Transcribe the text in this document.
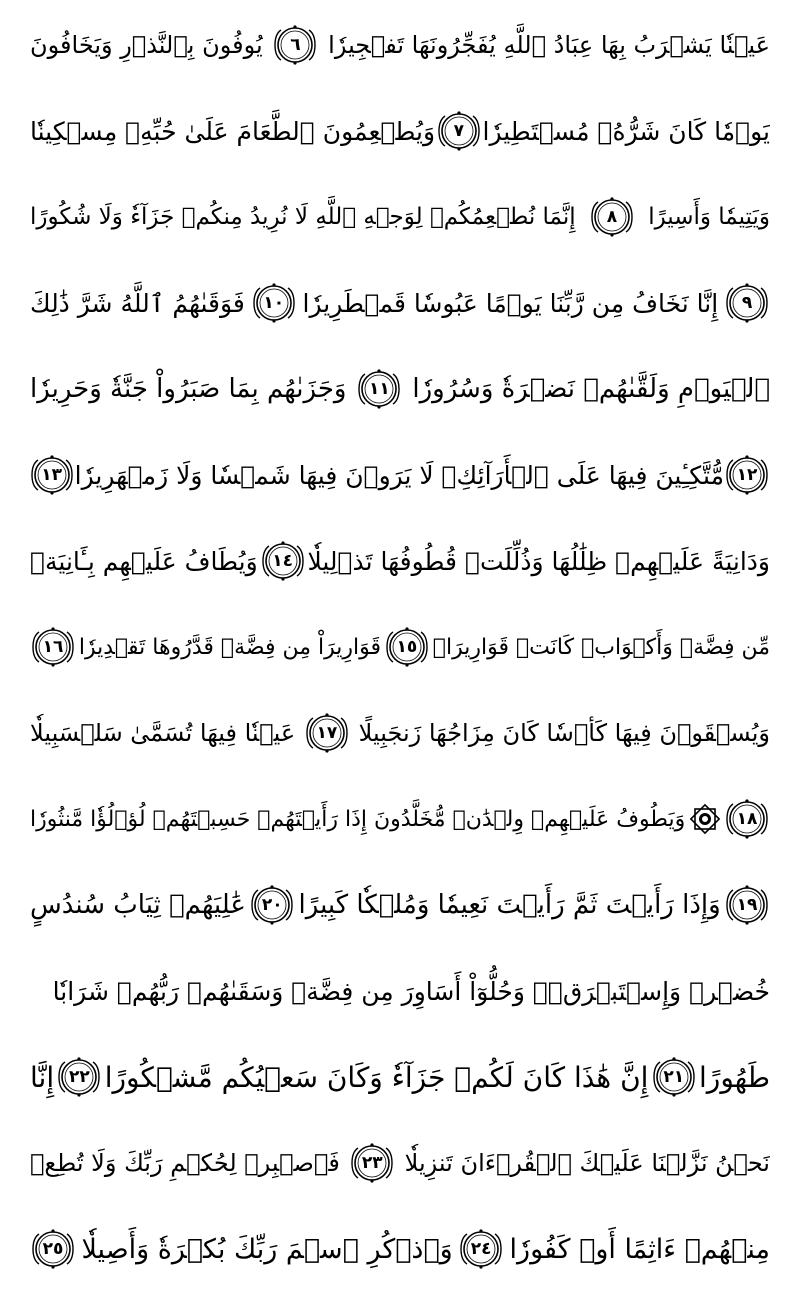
عَيۡنٗا يَشۡرَبُ بِهَا عِبَادُ ٱللَّهِ يُفَجِّرُونَهَا تَفۡجِيرٗا
٦
يُوفُونَ بِٱلنَّذۡرِ وَيَخَافُونَ
يَوۡمٗا كَانَ شَرُّهُۥ مُسۡتَطِيرٗا
٧
وَيُطۡعِمُونَ ٱلطَّعَامَ عَلَىٰ حُبِّهِۦ مِسۡكِينٗا
وَيَتِيمٗا وَأَسِيرًا
٨
إِنَّمَا نُطۡعِمُكُمۡ لِوَجۡهِ ٱللَّهِ لَا نُرِيدُ مِنكُمۡ جَزَآءٗ وَلَا شُكُورًا
٩
إِنَّا نَخَافُ مِن رَّبِّنَا يَوۡمًا عَبُوسٗا قَمۡطَرِيرٗا
١٠
فَوَقَىٰهُمُ ٱللَّهُ شَرَّ ذَٰلِكَ
ٱلۡيَوۡمِ وَلَقَّىٰهُمۡ نَضۡرَةٗ وَسُرُورٗا
١١
وَجَزَىٰهُم بِمَا صَبَرُواْ جَنَّةٗ وَحَرِيرٗا
١٢
مُّتَّكِـِٔينَ فِيهَا عَلَى ٱلۡأَرَآئِكِۖ لَا يَرَوۡنَ فِيهَا شَمۡسٗا وَلَا زَمۡهَرِيرٗا
١٣
وَدَانِيَةً عَلَيۡهِمۡ ظِلَٰلُهَا وَذُلِّلَتۡ قُطُوفُهَا تَذۡلِيلٗا
١٤
وَيُطَافُ عَلَيۡهِم بِـَٔانِيَةٖ
مِّن فِضَّةٖ وَأَكۡوَابٖ كَانَتۡ قَوَارِيرَا۠
١٥
قَوَارِيرَاْ مِن فِضَّةٖ قَدَّرُوهَا تَقۡدِيرٗا
١٦
وَيُسۡقَوۡنَ فِيهَا كَأۡسٗا كَانَ مِزَاجُهَا زَنجَبِيلًا
١٧
عَيۡنٗا فِيهَا تُسَمَّىٰ سَلۡسَبِيلٗا
١٨
وَيَطُوفُ عَلَيۡهِمۡ وِلۡدَٰنٞ مُّخَلَّدُونَ إِذَا رَأَيۡتَهُمۡ حَسِبۡتَهُمۡ لُؤۡلُؤٗا مَّنثُورٗا
١٩
وَإِذَا رَأَيۡتَ ثَمَّ رَأَيۡتَ نَعِيمٗا وَمُلۡكٗا كَبِيرًا
٢٠
عَٰلِيَهُمۡ ثِيَابُ سُندُسٍ
خُضۡرٞ وَإِسۡتَبۡرَقٞۖ وَحُلُّوٓاْ أَسَاوِرَ مِن فِضَّةٖ وَسَقَىٰهُمۡ رَبُّهُمۡ شَرَابٗا
طَهُورًا
٢١
إِنَّ هَٰذَا كَانَ لَكُمۡ جَزَآءٗ وَكَانَ سَعۡيُكُم مَّشۡكُورًا
٢٢
إِنَّا
نَحۡنُ نَزَّلۡنَا عَلَيۡكَ ٱلۡقُرۡءَانَ تَنزِيلٗا
٢٣
فَٱصۡبِرۡ لِحُكۡمِ رَبِّكَ وَلَا تُطِعۡ
مِنۡهُمۡ ءَاثِمًا أَوۡ كَفُورٗا
٢٤
وَٱذۡكُرِ ٱسۡمَ رَبِّكَ بُكۡرَةٗ وَأَصِيلٗا
٢٥
